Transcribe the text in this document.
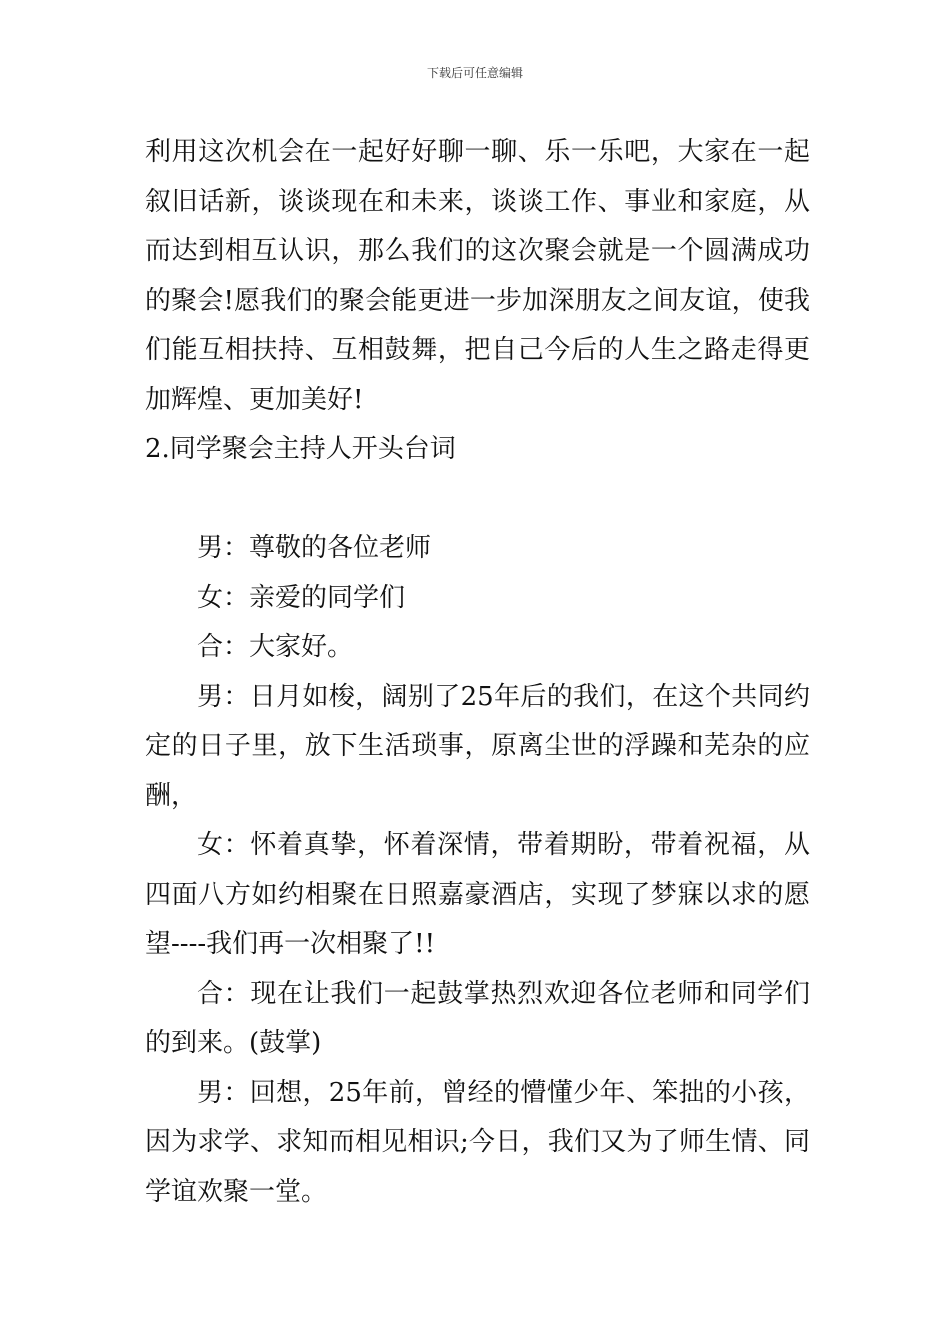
下载后可任意编辑

利用这次机会在一起好好聊一聊、乐一乐吧，大家在一起叙旧话新，谈谈现在和未来，谈谈工作、事业和家庭，从而达到相互认识，那么我们的这次聚会就是一个圆满成功的聚会!愿我们的聚会能更进一步加深朋友之间友谊，使我们能互相扶持、互相鼓舞，把自己今后的人生之路走得更加辉煌、更加美好!

2.同学聚会主持人开头台词

男：尊敬的各位老师

女：亲爱的同学们

合：大家好。

男：日月如梭，阔别了25年后的我们，在这个共同约定的日子里，放下生活琐事，原离尘世的浮躁和芜杂的应酬，

女：怀着真挚，怀着深情，带着期盼，带着祝福，从四面八方如约相聚在日照嘉豪酒店，实现了梦寐以求的愿望----我们再一次相聚了!!

合：现在让我们一起鼓掌热烈欢迎各位老师和同学们的到来。(鼓掌)

男：回想，25年前，曾经的懵懂少年、笨拙的小孩，因为求学、求知而相见相识;今日，我们又为了师生情、同学谊欢聚一堂。
